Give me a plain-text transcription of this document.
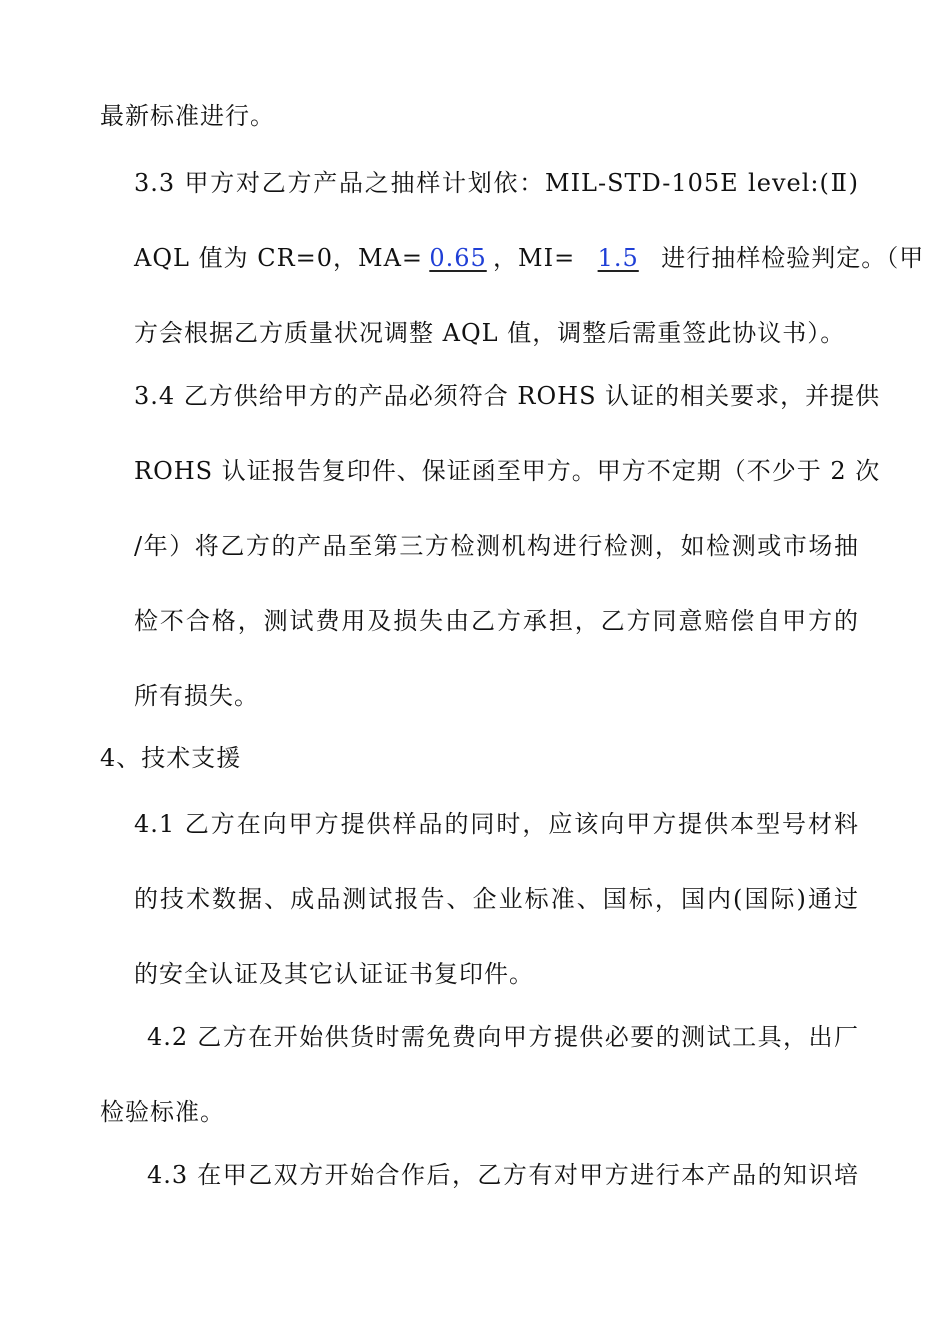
最新标准进行。
3.3 甲方对乙方产品之抽样计划依：MIL-STD-105E level:(Ⅱ)
AQL 值为 CR=0，MA= 0.65 ，MI= 1.5 进行抽样检验判定。（甲
方会根据乙方质量状况调整 AQL 值，调整后需重签此协议书）。
3.4 乙方供给甲方的产品必须符合 ROHS 认证的相关要求，并提供
ROHS 认证报告复印件、保证函至甲方。甲方不定期（不少于 2 次
/年）将乙方的产品至第三方检测机构进行检测，如检测或市场抽
检不合格，测试费用及损失由乙方承担，乙方同意赔偿自甲方的
所有损失。
4、技术支援
4.1 乙方在向甲方提供样品的同时，应该向甲方提供本型号材料
的技术数据、成品测试报告、企业标准、国标，国内(国际)通过
的安全认证及其它认证证书复印件。
4.2 乙方在开始供货时需免费向甲方提供必要的测试工具，出厂
检验标准。
4.3 在甲乙双方开始合作后，乙方有对甲方进行本产品的知识培
